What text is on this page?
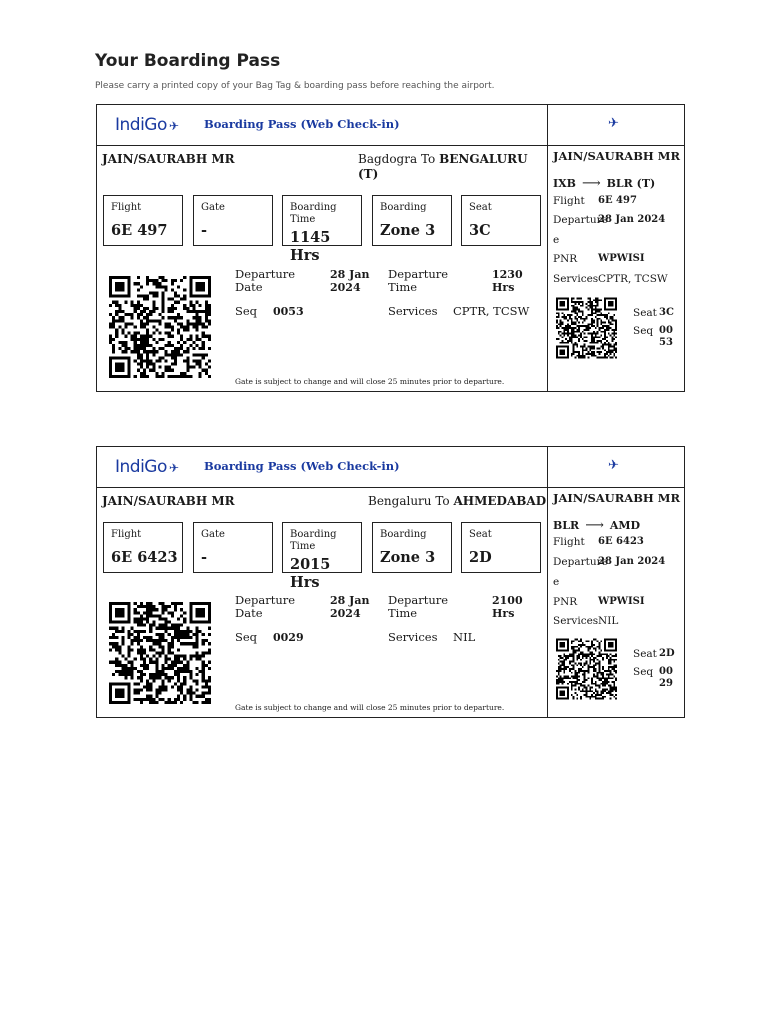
Your Boarding Pass
Please carry a printed copy of your Bag Tag & boarding pass before reaching the airport.
IndiGo ✈ Boarding Pass (Web Check-in)	✈
JAIN/SAURABH MR	Bagdogra To BENGALURU (T)
Flight
6E 497
Gate
-
Boarding Time
1145 Hrs
Boarding
Zone 3
Seat
3C
Departure Date
28 Jan 2024
Departure Time
1230 Hrs
Seq 0053	Services CPTR, TCSW
Gate is subject to change and will close 25 minutes prior to departure.
JAIN/SAURABH MR
IXB ⟶ BLR (T)
Flight 6E 497
Departure
e
28 Jan 2024
PNR WPWISI
Services CPTR, TCSW
Seat 3C
Seq 0053
IndiGo ✈ Boarding Pass (Web Check-in)	✈
JAIN/SAURABH MR	Bengaluru To AHMEDABAD
Flight
6E 6423
Gate
-
Boarding Time
2015 Hrs
Boarding
Zone 3
Seat
2D
Departure Date
28 Jan 2024
Departure Time
2100 Hrs
Seq 0029	Services NIL
Gate is subject to change and will close 25 minutes prior to departure.
JAIN/SAURABH MR
BLR ⟶ AMD
Flight 6E 6423
Departure
e
28 Jan 2024
PNR WPWISI
Services NIL
Seat 2D
Seq 0029
